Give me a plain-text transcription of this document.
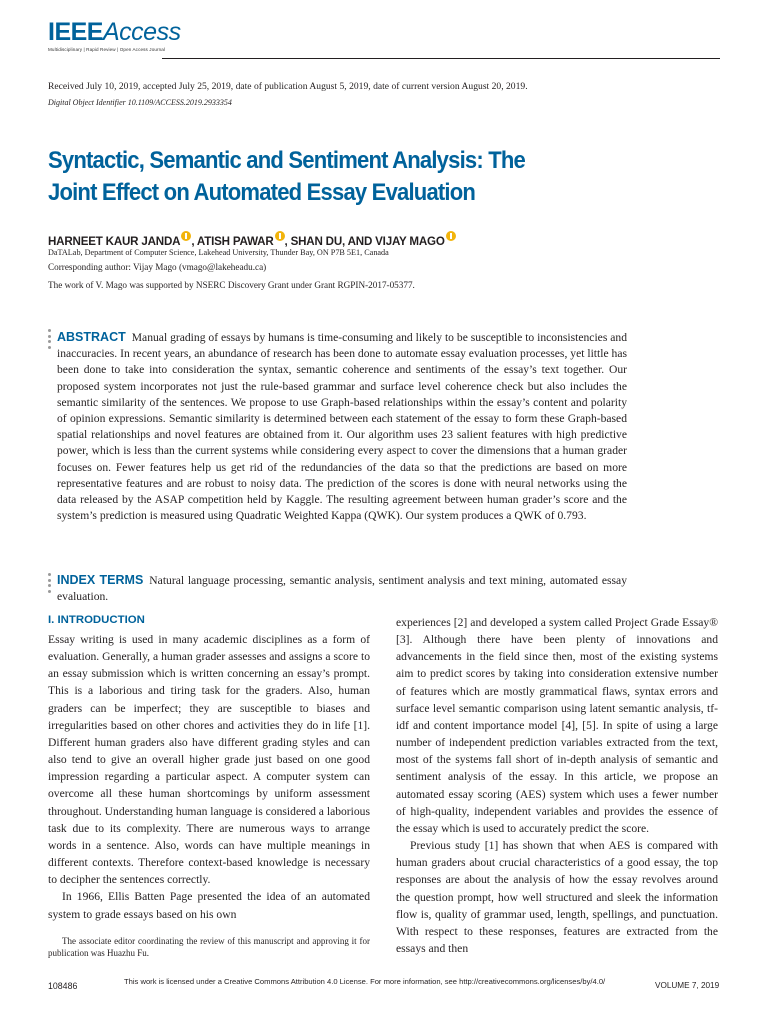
IEEEAccess
Multidisciplinary | Rapid Review | Open Access Journal
Received July 10, 2019, accepted July 25, 2019, date of publication August 5, 2019, date of current version August 20, 2019.
Digital Object Identifier 10.1109/ACCESS.2019.2933354
Syntactic, Semantic and Sentiment Analysis: The
Joint Effect on Automated Essay Evaluation
HARNEET KAUR JANDA , ATISH PAWAR , SHAN DU, AND VIJAY MAGO
DaTALab, Department of Computer Science, Lakehead University, Thunder Bay, ON P7B 5E1, Canada
Corresponding author: Vijay Mago (vmago@lakeheadu.ca)
The work of V. Mago was supported by NSERC Discovery Grant under Grant RGPIN-2017-05377.
ABSTRACT Manual grading of essays by humans is time-consuming and likely to be susceptible to inconsistencies and inaccuracies. In recent years, an abundance of research has been done to automate essay evaluation processes, yet little has been done to take into consideration the syntax, semantic coherence and sentiments of the essay’s text together. Our proposed system incorporates not just the rule-based grammar and surface level coherence check but also includes the semantic similarity of the sentences. We propose to use Graph-based relationships within the essay’s content and polarity of opinion expressions. Semantic similarity is determined between each statement of the essay to form these Graph-based spatial relationships and novel features are obtained from it. Our algorithm uses 23 salient features with high predictive power, which is less than the current systems while considering every aspect to cover the dimensions that a human grader focuses on. Fewer features help us get rid of the redundancies of the data so that the predictions are based on more representative features and are robust to noisy data. The prediction of the scores is done with neural networks using the data released by the ASAP competition held by Kaggle. The resulting agreement between human grader’s score and the system’s prediction is measured using Quadratic Weighted Kappa (QWK). Our system produces a QWK of 0.793.
INDEX TERMS Natural language processing, semantic analysis, sentiment analysis and text mining, automated essay evaluation.
I. INTRODUCTION

Essay writing is used in many academic disciplines as a form of evaluation. Generally, a human grader assesses and assigns a score to an essay submission which is written concerning an essay’s prompt. This is a laborious and tiring task for the graders. Also, human graders can be imperfect; they are susceptible to biases and irregularities based on other chores and activities they do in life [1]. Different human graders also have different grading styles and can also tend to give an overall higher grade just based on one good impression regarding a particular aspect. A computer system can overcome all these human shortcomings by uniform assessment throughout. Understanding human language is considered a laborious task due to its complexity. There are numerous ways to arrange words in a sentence. Also, words can have multiple meanings in different contexts. Therefore context-based knowledge is necessary to decipher the sentences correctly.

In 1966, Ellis Batten Page presented the idea of an automated system to grade essays based on his own

experiences [2] and developed a system called Project Grade Essay® [3]. Although there have been plenty of innovations and advancements in the field since then, most of the existing systems aim to predict scores by taking into consideration extensive number of features which are mostly grammatical flaws, syntax errors and surface level semantic comparison using latent semantic analysis, tf-idf and content importance model [4], [5]. In spite of using a large number of independent prediction variables extracted from the text, most of the systems fall short of in-depth analysis of semantic and sentiment analysis of the essay. In this article, we propose an automated essay scoring (AES) system which uses a fewer number of high-quality, independent variables and provides the essence of the essay which is used to accurately predict the score.

Previous study [1] has shown that when AES is compared with human graders about crucial characteristics of a good essay, the top responses are about the analysis of how the essay revolves around the question prompt, how well structured and sleek the information flow is, quality of grammar used, length, spellings, and punctuation. With respect to these responses, features are extracted from the essays and then

The associate editor coordinating the review of this manuscript and approving it for publication was Huazhu Fu.
108486	This work is licensed under a Creative Commons Attribution 4.0 License. For more information, see http://creativecommons.org/licenses/by/4.0/	VOLUME 7, 2019
